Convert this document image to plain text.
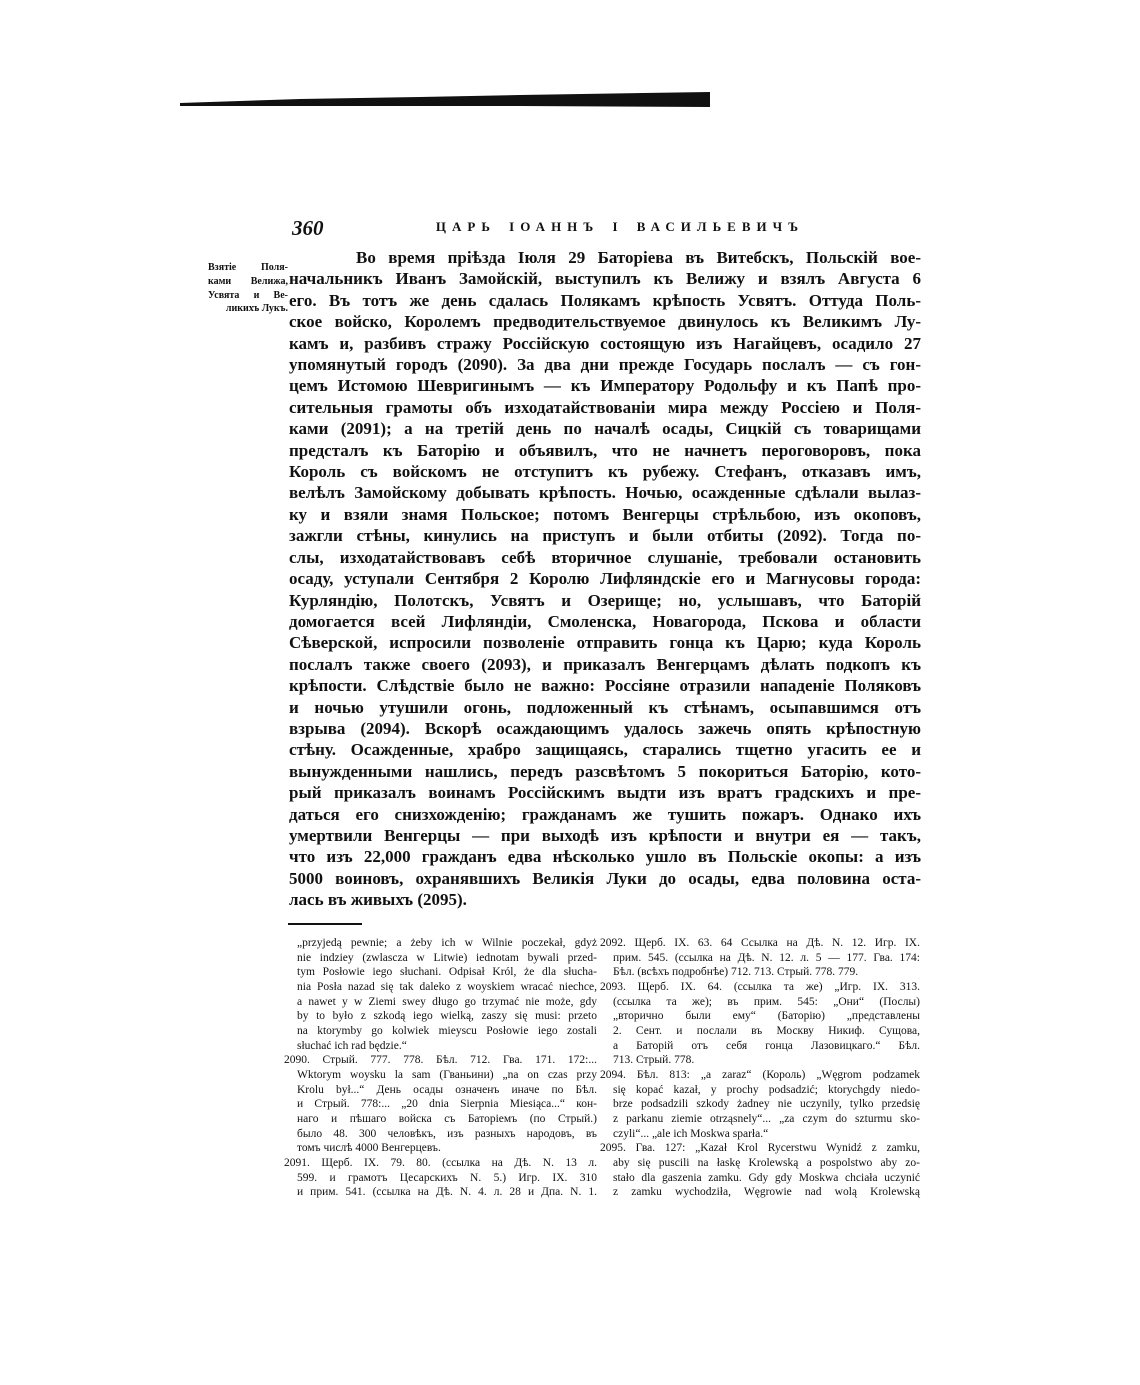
360	ЦАРЬ ІОАННЪ І ВАСИЛЬЕВИЧЪ
Взятіе Поля-
ками Велижа,
Усвята и Ве-
ликихъ Лукъ.
Во время пріѣзда Іюля 29 Баторіева въ Витебскъ, Польскій вое-
начальникъ Иванъ Замойскій, выступилъ къ Велижу и взялъ Августа 6
его. Въ тотъ же день сдалась Полякамъ крѣпость Усвятъ. Оттуда Поль-
ское войско, Королемъ предводительствуемое двинулось къ Великимъ Лу-
камъ и, разбивъ стражу Россійскую состоящую изъ Нагайцевъ, осадило 27
упомянутый городъ (2090). За два дни прежде Государь послалъ — съ гон-
цемъ Истомою Шевригинымъ — къ Императору Родольфу и къ Папѣ про-
сительныя грамоты объ изходатайствованіи мира между Россіею и Поля-
ками (2091); а на третій день по началѣ осады, Сицкій съ товарищами
предсталъ къ Баторію и объявилъ, что не начнетъ пероговоровъ, пока
Король съ войскомъ не отступитъ къ рубежу. Стефанъ, отказавъ имъ,
велѣлъ Замойскому добывать крѣпость. Ночью, осажденные сдѣлали вылаз-
ку и взяли знамя Польское; потомъ Венгерцы стрѣльбою, изъ окоповъ,
зажгли стѣны, кинулись на приступъ и были отбиты (2092). Тогда по-
слы, изходатайствовавъ себѣ вторичное слушаніе, требовали остановить
осаду, уступали Сентября 2 Королю Лифляндскіе его и Магнусовы города:
Курляндію, Полотскъ, Усвятъ и Озерище; но, услышавъ, что Баторій
домогается всей Лифляндіи, Смоленска, Новагорода, Пскова и области
Сѣверской, испросили позволеніе отправить гонца къ Царю; куда Король
послалъ также своего (2093), и приказалъ Венгерцамъ дѣлать подкопъ къ
крѣпости. Слѣдствіе было не важно: Россіяне отразили нападеніе Поляковъ
и ночью утушили огонь, подложенный къ стѣнамъ, осыпавшимся отъ
взрыва (2094). Вскорѣ осаждающимъ удалось зажечь опять крѣпостную
стѣну. Осажденные, храбро защищаясь, старались тщетно угасить ее и
вынужденными нашлись, передъ разсвѣтомъ 5 покориться Баторію, кото-
рый приказалъ воинамъ Россійскимъ выдти изъ вратъ градскихъ и пре-
даться его снизхожденію; гражданамъ же тушить пожаръ. Однако ихъ
умертвили Венгерцы — при выходѣ изъ крѣпости и внутри ея — такъ,
что изъ 22,000 гражданъ едва нѣсколько ушло въ Польскіе окопы: а изъ
5000 воиновъ, охранявшихъ Великія Луки до осады, едва половина оста-
лась въ живыхъ (2095).
„przyjedą pewnie; a żeby ich w Wilnie poczekał, gdyż
nie indziey (zwlascza w Litwie) iednotam bywali przed-
tym Posłowie iego słuchani. Odpisał Król, że dla słucha-
nia Posła nazad się tak daleko z woyskiem wracać niechce,
a nawet y w Ziemi swey długo go trzymać nie może, gdy
by to było z szkodą iego wielką, zaszy się musi: przeto
na ktorymby go kolwiek mieyscu Posłowie iego zostali
słuchać ich rad będzie.“
2090. Стрый. 777. 778. Бѣл. 712. Гва. 171. 172:...
Wktorym woysku la sam (Гваньини) „na on czas przy
Krolu był...“ День осады означенъ иначе по Бѣл.
и Стрый. 778:... „20 dnia Sierpnia Miesiąca...“ кон-
наго и пѣшаго войска съ Баторіемъ (по Стрый.)
было 48. 300 человѣкъ, изъ разныхъ народовъ, въ
томъ числѣ 4000 Венгерцевъ.
2091. Щерб. IX. 79. 80. (ссылка на Дѣ. N. 13 л.
599. и грамотъ Цесарскихъ N. 5.) Игр. IX. 310
и прим. 541. (ссылка на Дѣ. N. 4. л. 28 и Дпа. N. 1.
2092. Щерб. IX. 63. 64 Ссылка на Дѣ. N. 12. Игр. IX.
прим. 545. (ссылка на Дѣ. N. 12. л. 5 — 177. Гва. 174:
Бѣл. (всѣхъ подробнѣе) 712. 713. Стрый. 778. 779.
2093. Щерб. IX. 64. (ссылка та же) „Игр. IX. 313.
(ссылка та же); въ прим. 545: „Они“ (Послы)
„вторично были ему“ (Баторію) „представлены
2. Сент. и послали въ Москву Никиф. Сущова,
а Баторій отъ себя гонца Лазовицкаго.“ Бѣл.
713. Стрый. 778.
2094. Бѣл. 813: „a zaraz“ (Король) „Węgrom podzamek
się kopać kazał, y prochy podsadzić; ktorychgdy niedo-
brze podsadzili szkody żadney nie uczynily, tylko przedsię
z parkanu ziemie otrząsnely“... „za czym do szturmu sko-
czyli“... „ale ich Moskwa sparła.“
2095. Гва. 127: „Kazał Krol Rycerstwu Wynidź z zamku,
aby się puscili na łaskę Krolewską a pospolstwo aby zo-
stało dla gaszenia zamku. Gdy gdy Moskwa chciała uczynić
z zamku wychodziła, Węgrowie nad wolą Krolewską
